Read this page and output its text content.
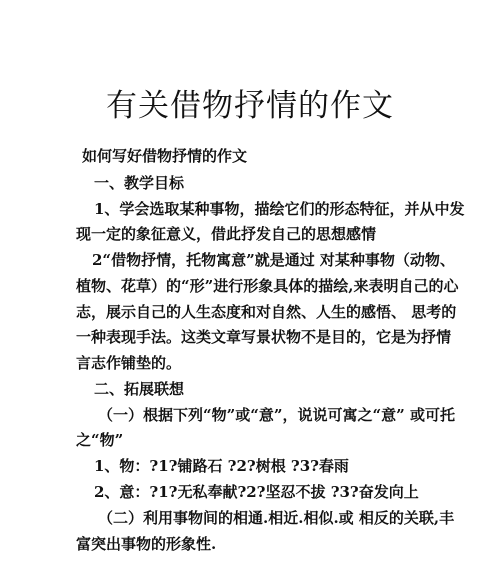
有关借物抒情的作文

如何写好借物抒情的作文

一、教学目标

1、学会选取某种事物，描绘它们的形态特征，并从中发

现一定的象征意义，借此抒发自己的思想感情

2“借物抒情，托物寓意”就是通过 对某种事物（动物、

植物、花草）的“形”进行形象具体的描绘,来表明自己的心

志，展示自己的人生态度和对自然、人生的感悟、 思考的

一种表现手法。这类文章写景状物不是目的，它是为抒情

言志作铺垫的。

二、拓展联想

（一）根据下列“物”或“意”，说说可寓之“意” 或可托

之“物”

1、物：?1?铺路石 ?2?树根 ?3?春雨

2、意：?1?无私奉献?2?坚忍不拔 ?3?奋发向上

（二）利用事物间的相通.相近.相似.或 相反的关联,丰

富突出事物的形象性.
